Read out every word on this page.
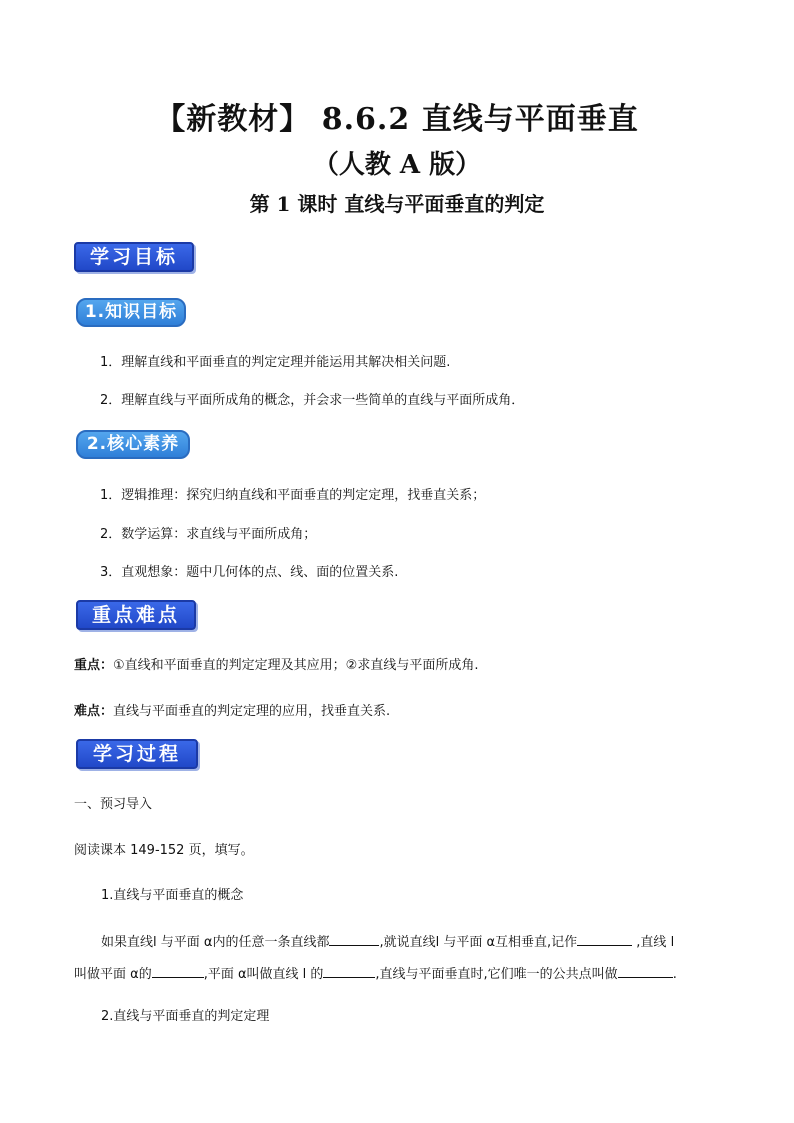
【新教材】 8.6.2 直线与平面垂直
（人教 A 版）
第 1 课时 直线与平面垂直的判定
学习目标
1.知识目标
1．理解直线和平面垂直的判定定理并能运用其解决相关问题.
2．理解直线与平面所成角的概念，并会求一些简单的直线与平面所成角．
2.核心素养
1．逻辑推理：探究归纳直线和平面垂直的判定定理，找垂直关系；
2．数学运算：求直线与平面所成角；
3．直观想象：题中几何体的点、线、面的位置关系.
重点难点
重点：①直线和平面垂直的判定定理及其应用；②求直线与平面所成角.
难点：直线与平面垂直的判定定理的应用，找垂直关系.
学习过程
一、预习导入
阅读课本 149-152 页，填写。
1.直线与平面垂直的概念
如果直线l 与平面 α内的任意一条直线都	,就说直线l 与平面 α互相垂直,记作	,直线 l
叫做平面 α的	,平面 α叫做直线 l 的	,直线与平面垂直时,它们唯一的公共点叫做	.
2.直线与平面垂直的判定定理
